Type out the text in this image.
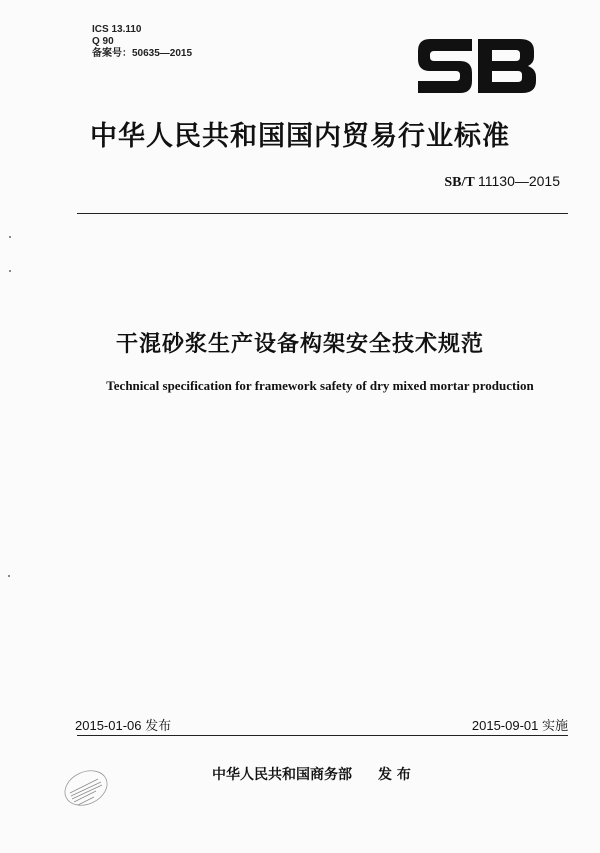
ICS 13.110
Q 90
备案号：50635—2015
中华人民共和国国内贸易行业标准
SB/T 11130—2015
干混砂浆生产设备构架安全技术规范
Technical specification for framework safety of dry mixed mortar production
2015-01-06 发布	2015-09-01 实施
中华人民共和国商务部 发 布
